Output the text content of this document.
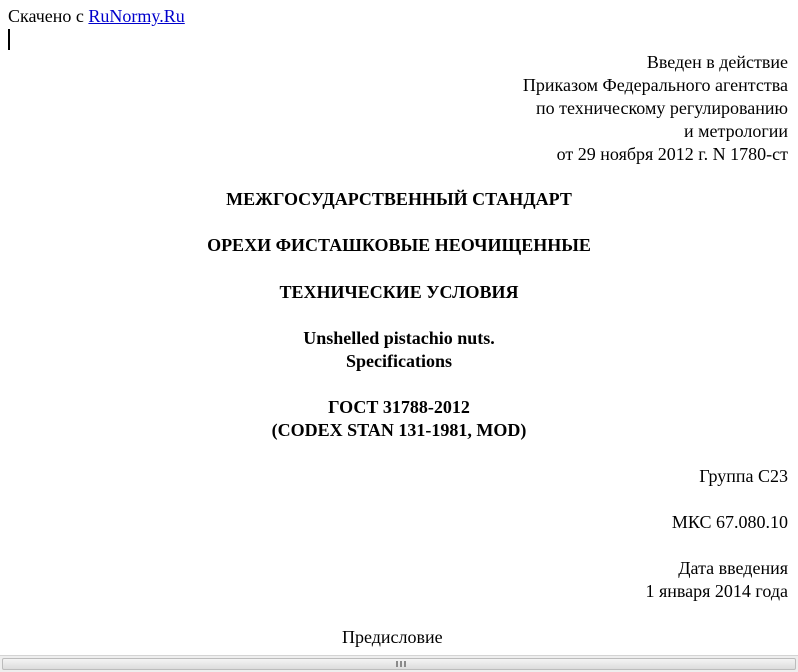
Скачено с RuNormy.Ru
Введен в действие
Приказом Федерального агентства
по техническому регулированию
и метрологии
от 29 ноября 2012 г. N 1780-ст
МЕЖГОСУДАРСТВЕННЫЙ СТАНДАРТ
ОРЕХИ ФИСТАШКОВЫЕ НЕОЧИЩЕННЫЕ
ТЕХНИЧЕСКИЕ УСЛОВИЯ
Unshelled pistachio nuts.
Specifications
ГОСТ 31788-2012
(CODEX STAN 131-1981, MOD)
Группа С23
МКС 67.080.10
Дата введения
1 января 2014 года
Предисловие
